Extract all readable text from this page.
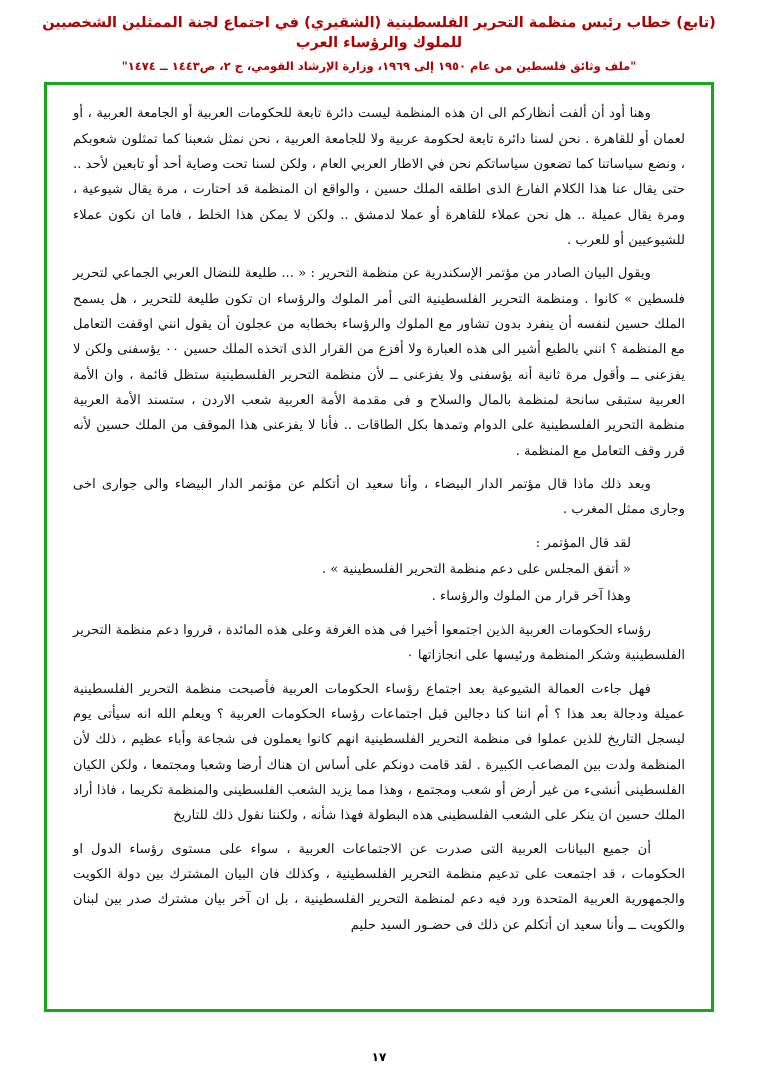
(تابع) خطاب رئيس منظمة التحرير الفلسطينية (الشقيري) في اجتماع لجنة الممثلين الشخصيين للملوك والرؤساء العرب
"ملف وثائق فلسطين من عام ١٩٥٠ إلى ١٩٦٩، وزارة الإرشاد القومي، ج ٢، ص١٤٤٣ ــ ١٤٧٤"

وهنا أود أن ألفت أنظاركم الى ان هذه المنظمة ليست دائرة تابعة للحكومات العربية أو الجامعة العربية ، أو لعمان أو للقاهرة . نحن لسنا دائرة تابعة لحكومة عربية ولا للجامعة العربية ، نحن نمثل شعبنا كما تمثلون شعوبكم ، ونضع سياساتنا كما تضعون سياساتكم نحن في الاطار العربي العام ، ولكن لسنا تحت وصاية أحد أو تابعين لأحد .. حتى يقال عنا هذا الكلام الفارغ الذى اطلقه الملك حسين ، والواقع ان المنظمة قد احتارت ، مرة يقال شيوعية ، ومرة يقال عميلة .. هل نحن عملاء للقاهرة أو عملا لدمشق .. ولكن لا يمكن هذا الخلط ، فاما ان نكون عملاء للشيوعيين أو للعرب .

ويقول البيان الصادر من مؤتمر الإسكندرية عن منظمة التحرير : « ... طليعة للنضال العربي الجماعي لتحرير فلسطين » كانوا . ومنظمة التحرير الفلسطينية التى أمر الملوك والرؤساء ان تكون طليعة للتحرير ، هل يسمح الملك حسين لنفسه أن ينفرد بدون تشاور مع الملوك والرؤساء بخطابه من عجلون أن يقول انني اوقفت التعامل مع المنظمة ؟ انني بالطبع أشير الى هذه العبارة ولا أفزع من القرار الذى اتخذه الملك حسين ٠٠ يؤسفنى ولكن لا يفزعنى ــ وأقول مرة ثانية أنه يؤسفنى ولا يفزعنى ــ لأن منظمة التحرير الفلسطينية ستظل قائمة ، وان الأمة العربية ستبقى سانحة لمنظمة بالمال والسلاح و فى مقدمة الأمة العربية شعب الاردن ، ستسند الأمة العربية منظمة التحرير الفلسطينية على الدوام وتمدها بكل الطاقات .. فأنا لا يفزعنى هذا الموقف من الملك حسين لأنه قرر وقف التعامل مع المنظمة .

وبعد ذلك ماذا قال مؤتمر الدار البيضاء ، وأنا سعيد ان أتكلم عن مؤتمر الدار البيضاء والى جوارى اخى وجارى ممثل المغرب .

لقد قال المؤتمر :
« أتفق المجلس على دعم منظمة التحرير الفلسطينية » .
وهذا آخر قرار من الملوك والرؤساء .

رؤساء الحكومات العربية الذين اجتمعوا أخيرا فى هذه الغرفة وعلى هذه المائدة ، قرروا دعم منظمة التحرير الفلسطينية وشكر المنظمة ورئيسها على انجازاتها ٠

فهل جاءت العمالة الشيوعية بعد اجتماع رؤساء الحكومات العربية فأصبحت منظمة التحرير الفلسطينية عميلة ودجالة بعد هذا ؟ أم اننا كنا دجالين قبل اجتماعات رؤساء الحكومات العربية ؟ ويعلم الله انه سيأتى يوم ليسجل التاريخ للذين عملوا فى منظمة التحرير الفلسطينية انهم كانوا يعملون فى شجاعة وأباء عظيم ، ذلك لأن المنظمة ولدت بين المصاعب الكبيرة . لقد قامت دونكم على أساس ان هناك أرضا وشعبا ومجتمعا ، ولكن الكيان الفلسطينى أنشىء من غير أرض أو شعب ومجتمع ، وهذا مما يزيد الشعب الفلسطينى والمنظمة تكريما ، فاذا أراد الملك حسين ان ينكر على الشعب الفلسطينى هذه البطولة فهذا شأنه ، ولكننا نقول ذلك للتاريخ

أن جميع البيانات العربية التى صدرت عن الاجتماعات العربية ، سواء على مستوى رؤساء الدول او الحكومات ، قد اجتمعت على تدعيم منظمة التحرير الفلسطينية ، وكذلك فان البيان المشترك بين دولة الكويت والجمهورية العربية المتحدة ورد فيه دعم لمنظمة التحرير الفلسطينية ، بل ان آخر بيان مشترك صدر بين لبنان والكويت ــ وأنا سعيد ان أتكلم عن ذلك فى حضـور السيد حليم

١٧
